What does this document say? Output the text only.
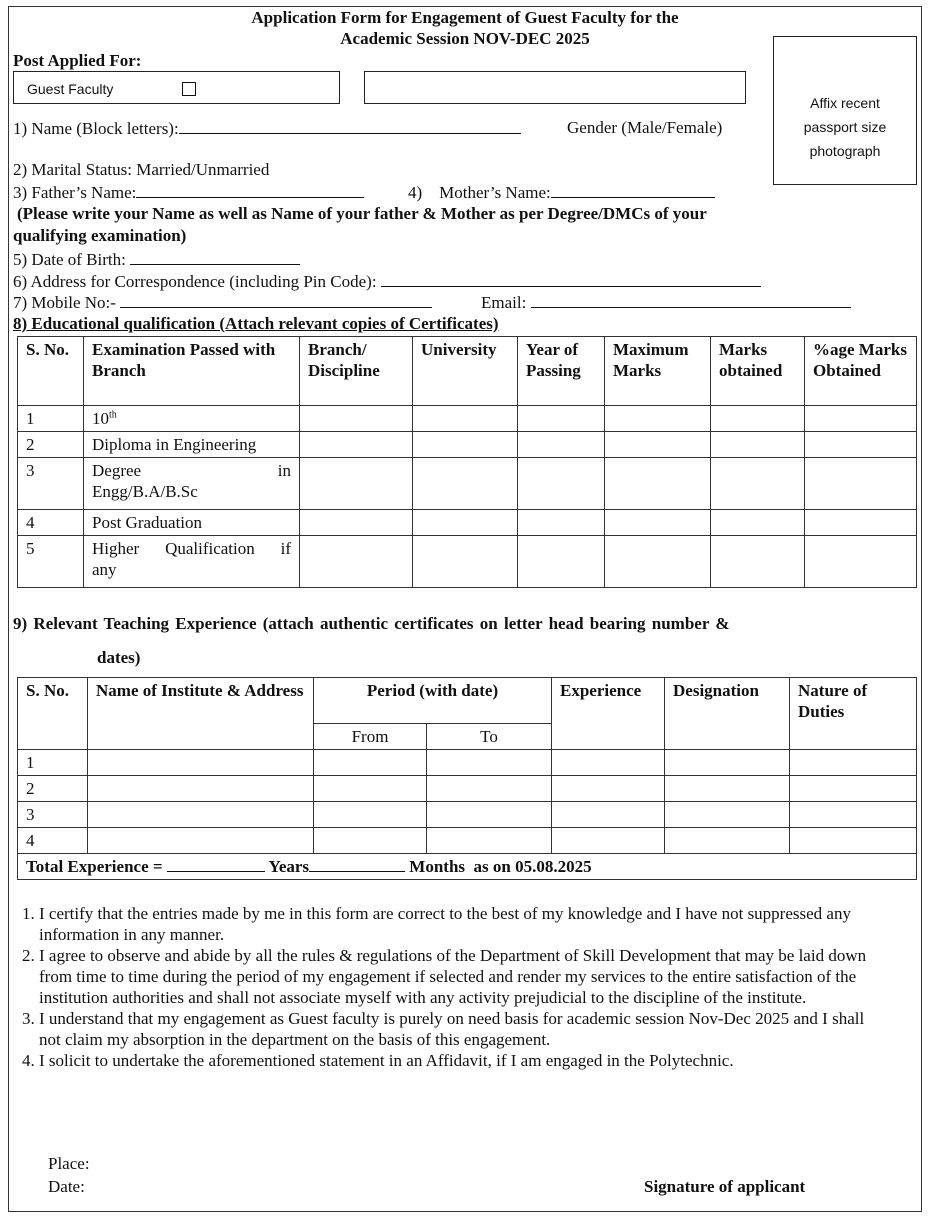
Application Form for Engagement of Guest Faculty for the
Academic Session NOV-DEC 2025
Post Applied For:
Guest Faculty
Affix recent
passport size
photograph
1) Name (Block letters):	Gender (Male/Female)
2) Marital Status: Married/Unmarried
3) Father’s Name:	4) Mother’s Name:
(Please write your Name as well as Name of your father & Mother as per Degree/DMCs of your
qualifying examination)
5) Date of Birth:
6) Address for Correspondence (including Pin Code):
7) Mobile No:-	Email:
8) Educational qualification (Attach relevant copies of Certificates)
S. No.	Examination Passed with Branch	Branch/ Discipline	University	Year of Passing	Maximum Marks	Marks obtained	%age Marks Obtained
1	10th						
2	Diploma in Engineering						
3	Degree in
Engg/B.A/B.Sc						

4	Post Graduation						
5	Higher Qualification if
any						

9) Relevant Teaching Experience (attach authentic certificates on letter head bearing number &
dates)
S. No.	Name of Institute & Address	Period (with date)		Experience	Designation	Nature of Duties
		From	To			
1						
2						
3						
4						
Total Experience = Years Months as on 05.08.2025						
1. I certify that the entries made by me in this form are correct to the best of my knowledge and I have not suppressed any information in any manner.
2. I agree to observe and abide by all the rules & regulations of the Department of Skill Development that may be laid down from time to time during the period of my engagement if selected and render my services to the entire satisfaction of the institution authorities and shall not associate myself with any activity prejudicial to the discipline of the institute.
3. I understand that my engagement as Guest faculty is purely on need basis for academic session Nov-Dec 2025 and I shall not claim my absorption in the department on the basis of this engagement.
4. I solicit to undertake the aforementioned statement in an Affidavit, if I am engaged in the Polytechnic.
Place:
Date:	Signature of applicant
